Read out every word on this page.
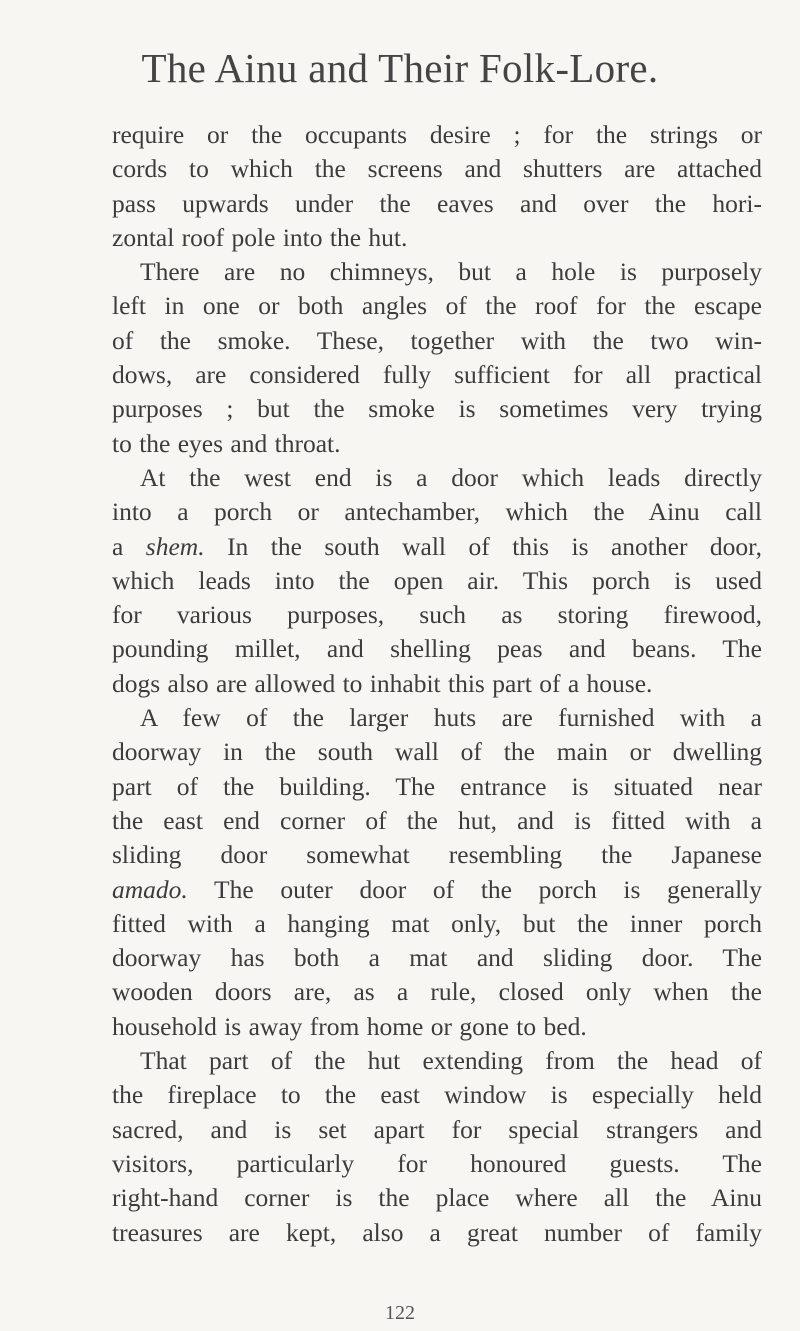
The Ainu and Their Folk-Lore.
require or the occupants desire ; for the strings or
cords to which the screens and shutters are attached
pass upwards under the eaves and over the hori-
zontal roof pole into the hut.
There are no chimneys, but a hole is purposely
left in one or both angles of the roof for the escape
of the smoke. These, together with the two win-
dows, are considered fully sufficient for all practical
purposes ; but the smoke is sometimes very trying
to the eyes and throat.
At the west end is a door which leads directly
into a porch or antechamber, which the Ainu call
a shem. In the south wall of this is another door,
which leads into the open air. This porch is used
for various purposes, such as storing firewood,
pounding millet, and shelling peas and beans. The
dogs also are allowed to inhabit this part of a house.
A few of the larger huts are furnished with a
doorway in the south wall of the main or dwelling
part of the building. The entrance is situated near
the east end corner of the hut, and is fitted with a
sliding door somewhat resembling the Japanese
amado. The outer door of the porch is generally
fitted with a hanging mat only, but the inner porch
doorway has both a mat and sliding door. The
wooden doors are, as a rule, closed only when the
household is away from home or gone to bed.
That part of the hut extending from the head of
the fireplace to the east window is especially held
sacred, and is set apart for special strangers and
visitors, particularly for honoured guests. The
right-hand corner is the place where all the Ainu
treasures are kept, also a great number of family
122
